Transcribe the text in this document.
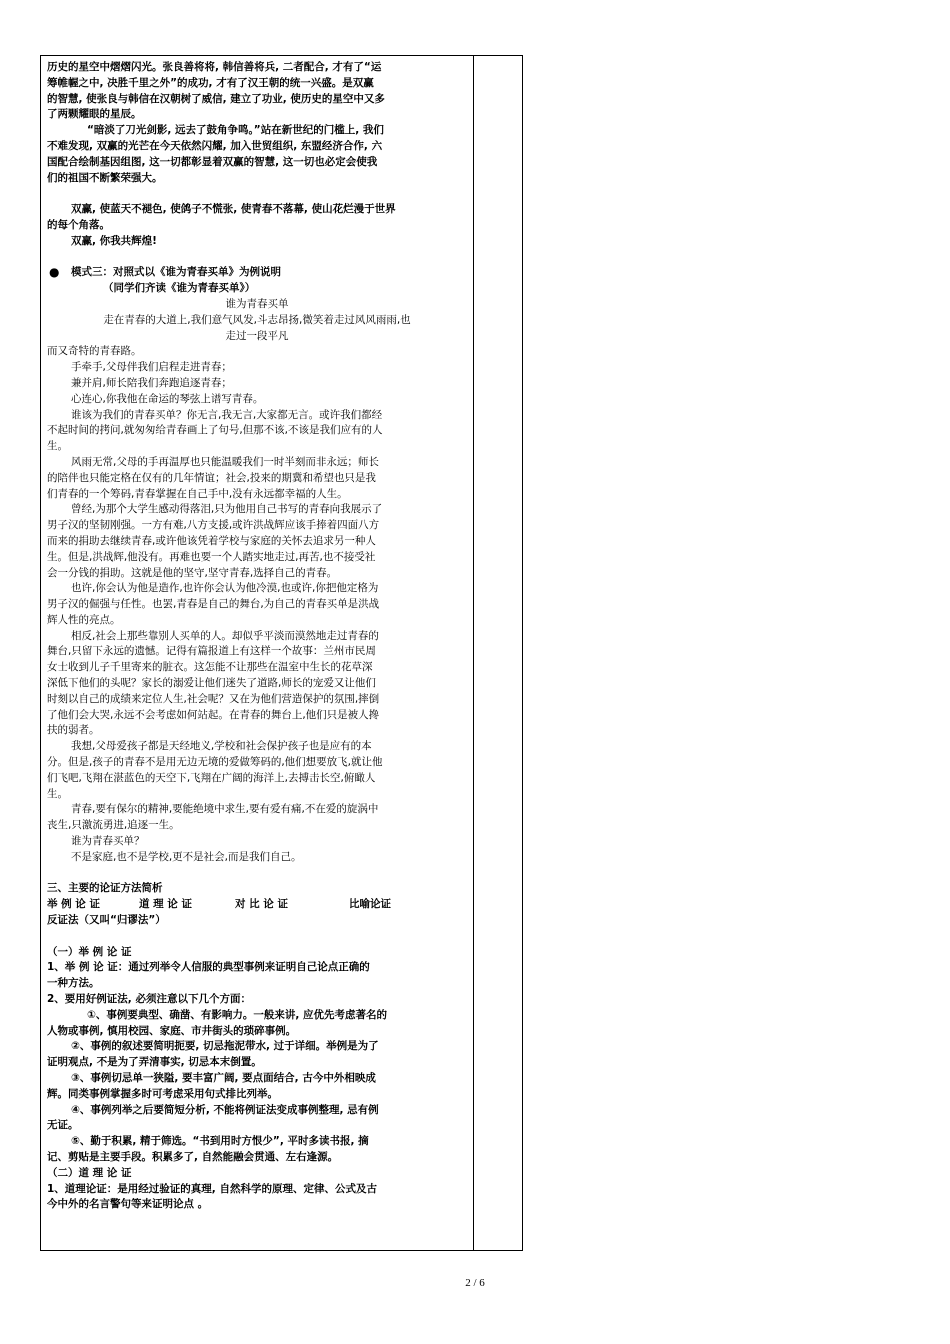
历史的星空中熠熠闪光。张良善将将, 韩信善将兵, 二者配合, 才有了“运

筹帷幄之中, 决胜千里之外”的成功, 才有了汉王朝的统一兴盛。是双赢

的智慧, 使张良与韩信在汉朝树了威信, 建立了功业, 使历史的星空中又多

了两颗耀眼的星辰。

“暗淡了刀光剑影, 远去了鼓角争鸣。”站在新世纪的门槛上, 我们

不难发现, 双赢的光芒在今天依然闪耀, 加入世贸组织, 东盟经济合作, 六

国配合绘制基因组图, 这一切都彰显着双赢的智慧, 这一切也必定会使我

们的祖国不断繁荣强大。

双赢, 使蓝天不褪色, 使鸽子不慌张, 使青春不落幕, 使山花烂漫于世界

的每个角落。

双赢, 你我共辉煌!

● 模式三：对照式以《谁为青春买单》为例说明

（同学们齐读《谁为青春买单》）

谁为青春买单

走在青春的大道上,我们意气风发,斗志昂扬,微笑着走过风风雨雨,也

走过一段平凡

而又奇特的青春路。

手牵手,父母伴我们启程走进青春；

兼并肩,师长陪我们奔跑追逐青春；

心连心,你我他在命运的琴弦上谱写青春。

谁该为我们的青春买单？你无言,我无言,大家都无言。或许我们都经

不起时间的拷问,就匆匆给青春画上了句号,但那不该,不该是我们应有的人

生。

风雨无常,父母的手再温厚也只能温暖我们一时半刻而非永远；师长

的陪伴也只能定格在仅有的几年情谊；社会,投来的期冀和希望也只是我

们青春的一个筹码,青春掌握在自己手中,没有永远都幸福的人生。

曾经,为那个大学生感动得落泪,只为他用自己书写的青春向我展示了

男子汉的坚韧刚强。一方有难,八方支援,或许洪战辉应该手捧着四面八方

而来的捐助去继续青春,或许他该凭着学校与家庭的关怀去追求另一种人

生。但是,洪战辉,他没有。再难也要一个人踏实地走过,再苦,也不接受社

会一分钱的捐助。这就是他的坚守,坚守青春,选择自己的青春。

也许,你会认为他是造作,也许你会认为他冷漠,也或许,你把他定格为

男子汉的倔强与任性。也罢,青春是自己的舞台,为自己的青春买单是洪战

辉人性的亮点。

相反,社会上那些靠别人买单的人。却似乎平淡而漠然地走过青春的

舞台,只留下永远的遗憾。记得有篇报道上有这样一个故事：兰州市民周

女士收到儿子千里寄来的脏衣。这怎能不让那些在温室中生长的花草深

深低下他们的头呢？家长的溺爱让他们迷失了道路,师长的宠爱又让他们

时刻以自己的成绩来定位人生,社会呢？又在为他们营造保护的氛围,摔倒

了他们会大哭,永远不会考虑如何站起。在青春的舞台上,他们只是被人搀

扶的弱者。

我想,父母爱孩子都是天经地义,学校和社会保护孩子也是应有的本

分。但是,孩子的青春不是用无边无境的爱做筹码的,他们想要放飞,就让他

们飞吧,飞翔在湛蓝色的天空下,飞翔在广阔的海洋上,去搏击长空,俯瞰人

生。

青春,要有保尔的精神,要能绝境中求生,要有爱有痛,不在爱的旋涡中

丧生,只激流勇进,追逐一生。

谁为青春买单？

不是家庭,也不是学校,更不是社会,而是我们自己。

三、主要的论证方法简析

举 例 论 证	道 理 论 证	对 比 论 证	比喻论证

反证法（又叫“归谬法”）

（一）举 例 论 证

1、举 例 论 证：通过列举令人信服的典型事例来证明自己论点正确的

一种方法。

2、要用好例证法, 必须注意以下几个方面：

①、事例要典型、确凿、有影响力。一般来讲, 应优先考虑著名的

人物或事例, 慎用校园、家庭、市井街头的琐碎事例。

②、事例的叙述要简明扼要, 切忌拖泥带水, 过于详细。举例是为了

证明观点, 不是为了弄清事实, 切忌本末倒置。

③、事例切忌单一狭隘, 要丰富广阔, 要点面结合, 古今中外相映成

辉。同类事例掌握多时可考虑采用句式排比列举。

④、事例列举之后要简短分析, 不能将例证法变成事例整理, 忌有例

无证。

⑤、勤于积累, 精于筛选。“书到用时方恨少”, 平时多读书报, 摘

记、剪贴是主要手段。积累多了, 自然能融会贯通、左右逢源。

（二）道 理 论 证

1、道理论证：是用经过验证的真理, 自然科学的原理、定律、公式及古

今中外的名言警句等来证明论点 。

2 / 6
